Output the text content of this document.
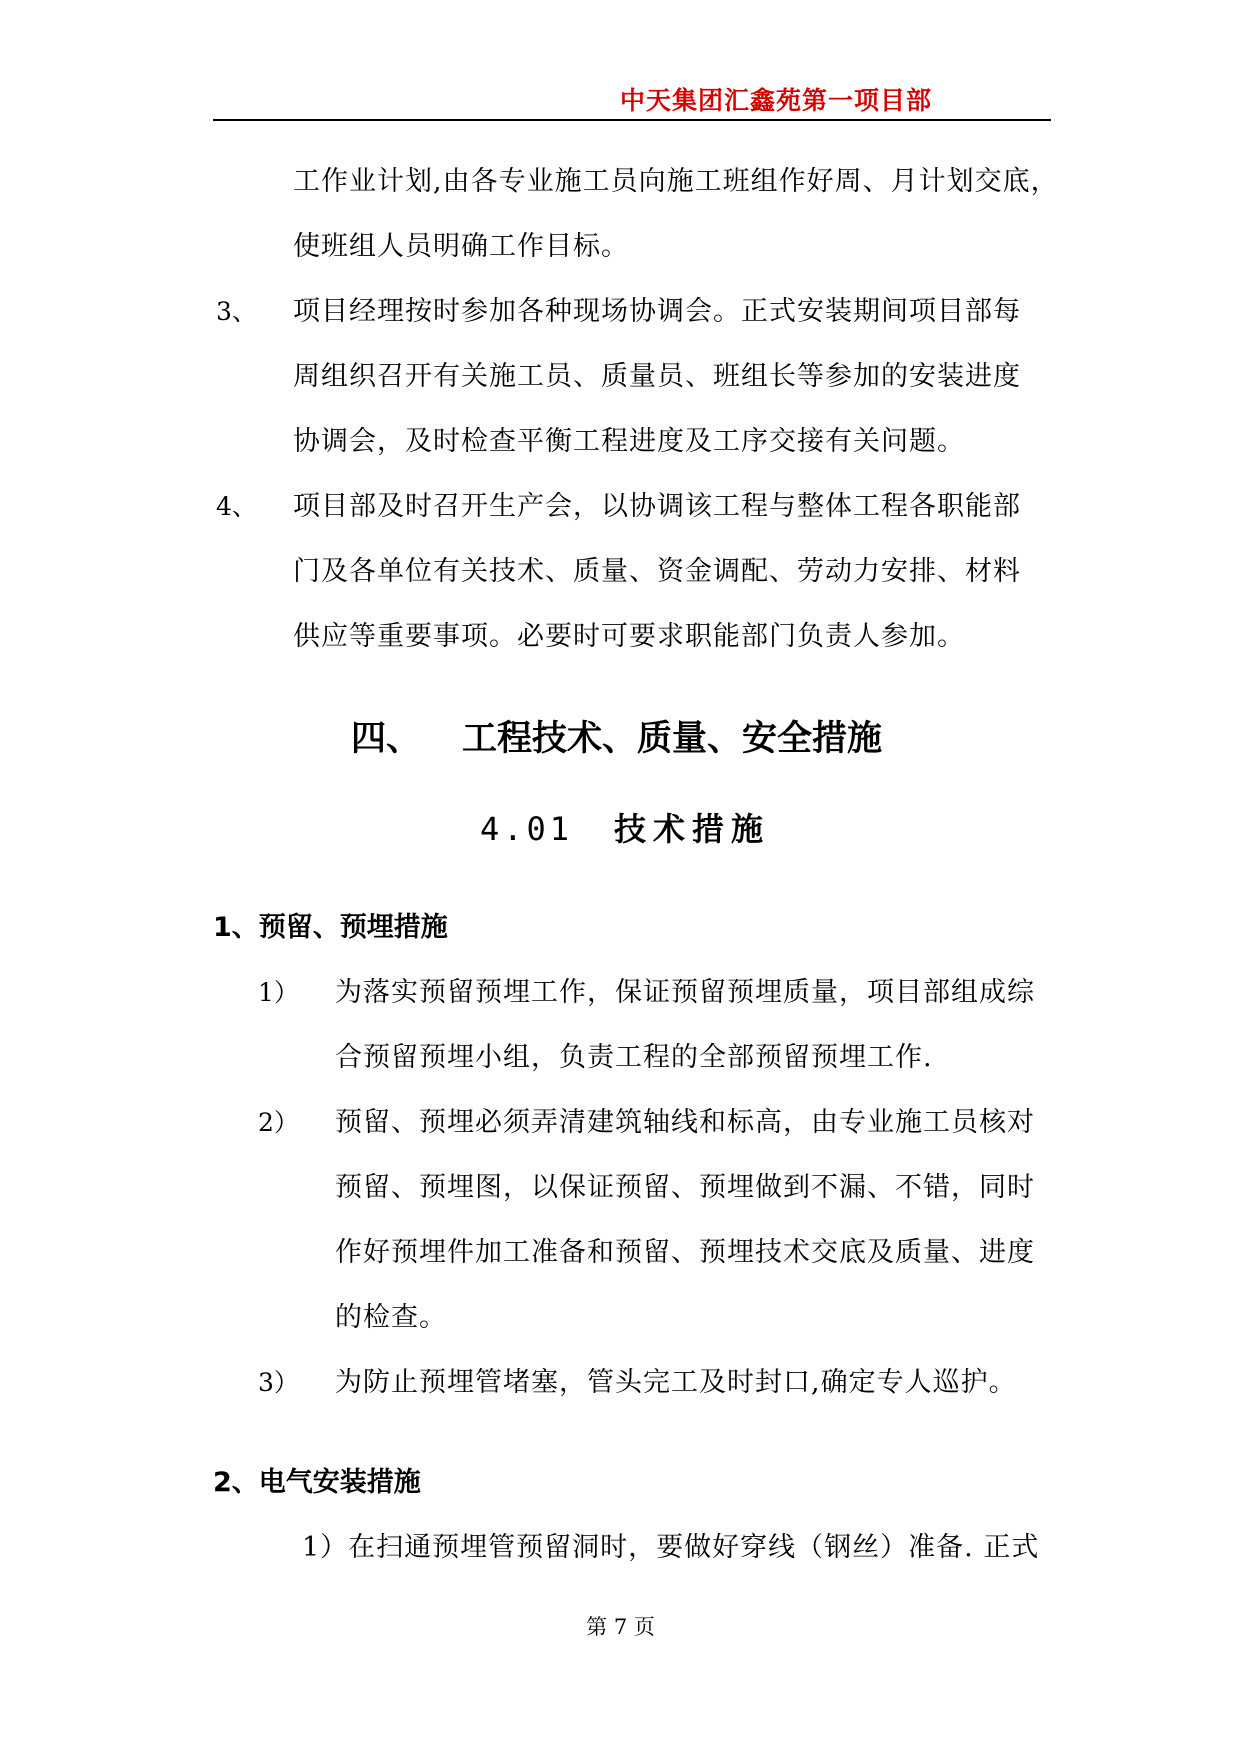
中天集团汇鑫苑第一项目部
工作业计划,由各专业施工员向施工班组作好周、月计划交底，
使班组人员明确工作目标。
3、 项目经理按时参加各种现场协调会。正式安装期间项目部每
周组织召开有关施工员、质量员、班组长等参加的安装进度
协调会，及时检查平衡工程进度及工序交接有关问题。
4、 项目部及时召开生产会，以协调该工程与整体工程各职能部
门及各单位有关技术、质量、资金调配、劳动力安排、材料
供应等重要事项。必要时可要求职能部门负责人参加。
四、 工程技术、质量、安全措施
4.01 技术措施
1、预留、预埋措施
1） 为落实预留预埋工作，保证预留预埋质量，项目部组成综
合预留预埋小组，负责工程的全部预留预埋工作.
2） 预留、预埋必须弄清建筑轴线和标高，由专业施工员核对
预留、预埋图，以保证预留、预埋做到不漏、不错，同时
作好预埋件加工准备和预留、预埋技术交底及质量、进度
的检查。
3） 为防止预埋管堵塞，管头完工及时封口,确定专人巡护。
2、电气安装措施
1）在扫通预埋管预留洞时，要做好穿线（钢丝）准备. 正式
第 7 页
